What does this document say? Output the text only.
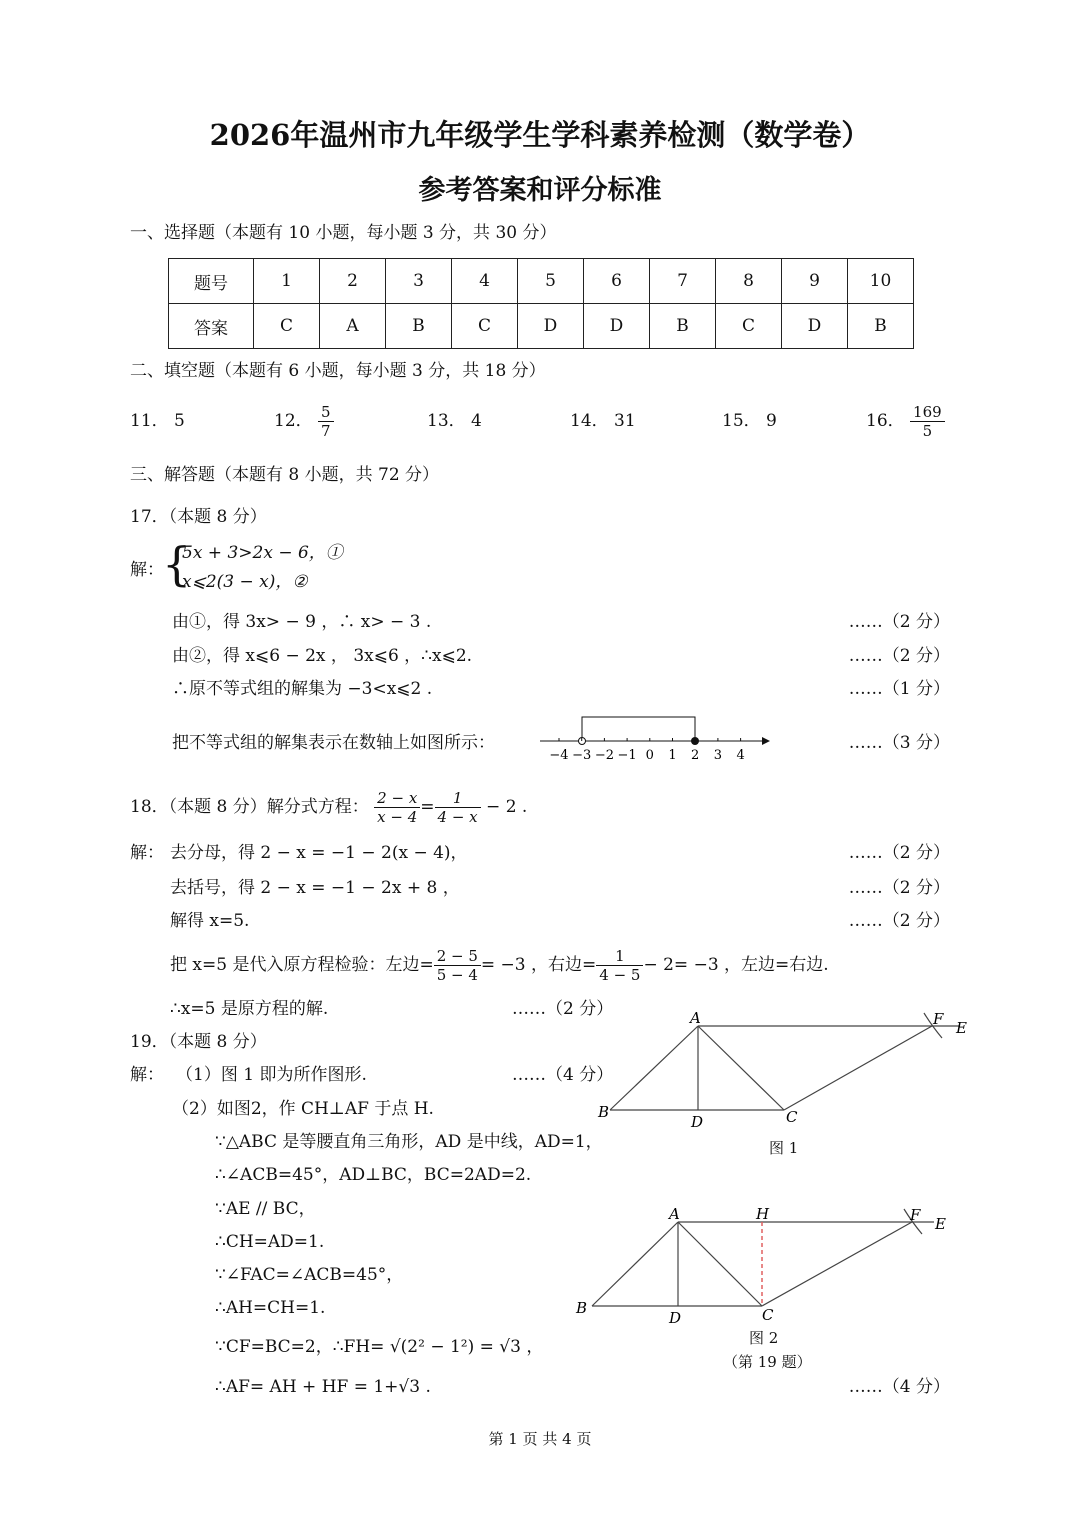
2026年温州市九年级学生学科素养检测（数学卷）
参考答案和评分标准
一、选择题（本题有 10 小题，每小题 3 分，共 30 分）
题号	1	2	3	4	5	6	7	8	9	10
答案	C	A	B	C	D	D	B	C	D	B
二、填空题（本题有 6 小题，每小题 3 分，共 18 分）
11． 5	12． $\frac{5}{7}$	13． 4	14． 31	15． 9	16． $\frac{169}{5}$
三、解答题（本题有 8 小题，共 72 分）
17．（本题 8 分）
解：
{
5x + 3>2x − 6，①
x⩽2(3 − x)，②
由①，得 3x> − 9 ，∴ x> − 3 .	……（2 分）
由②，得 x⩽6 − 2x ， 3x⩽6 ，∴x⩽2.	……（2 分）
∴原不等式组的解集为 −3<x⩽2 .	……（1 分）
把不等式组的解集表示在数轴上如图所示：	……（3 分）
−4 −3 −2 −1 0 1 2 3 4
18．（本题 8 分）解分式方程： $\frac{2 - x}{x - 4} = \frac{1}{4 - x} - 2$ .
解： 去分母，得 2 − x = −1 − 2(x − 4)，	……（2 分）
去括号，得 2 − x = −1 − 2x + 8 ，	……（2 分）
解得 x=5.	……（2 分）
把 x=5 是代入原方程检验：左边= $\frac{2 - 5}{5 - 4} = -3$ ，右边= $\frac{1}{4 - 5} - 2= -3$ ，左边=右边.
∴x=5 是原方程的解.	……（2 分）
19．（本题 8 分）
解： （1）图 1 即为所作图形.	……（4 分）
（2）如图2，作 CH⊥AF 于点 H.
∵△ABC 是等腰直角三角形，AD 是中线，AD=1，
∴∠ACB=45°，AD⊥BC，BC=2AD=2.
∵AE // BC，
∴CH=AD=1.
∵∠FAC=∠ACB=45°，
∴AH=CH=1.
∵CF=BC=2，∴FH= √(2² − 1²) = √3 ，
∴AF= AH + HF = 1+√3 .	……（4 分）
A
B	C
D
F E
图 1
A	H
B	C
D
F E
图 2
（第 19 题）
第 1 页 共 4 页
